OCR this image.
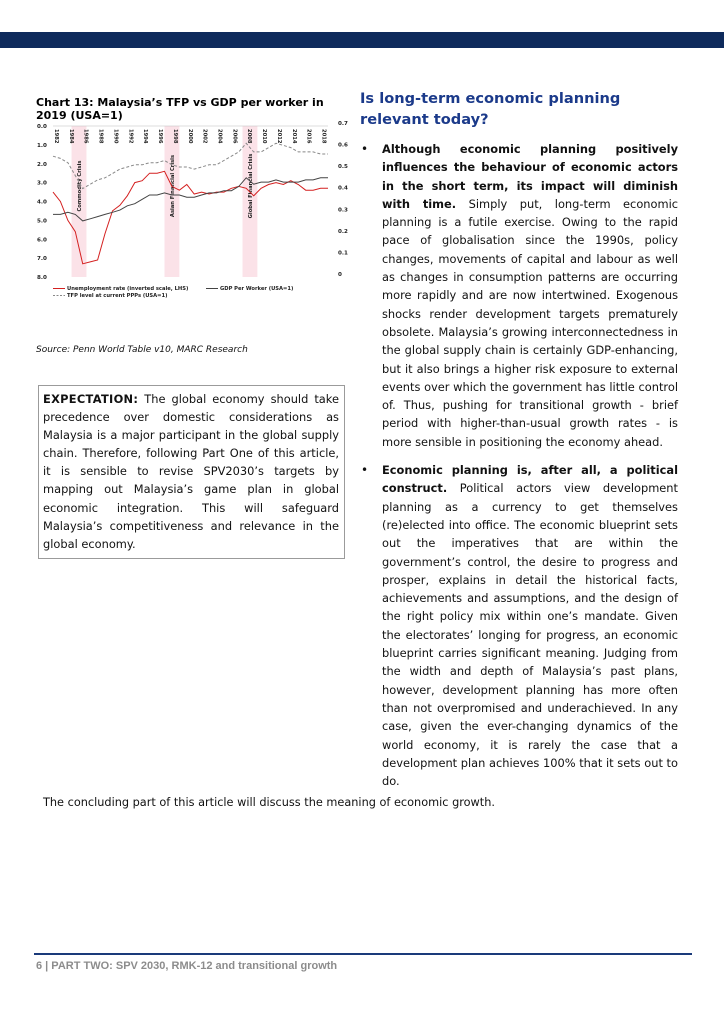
Chart 13: Malaysia’s TFP vs GDP per worker in 2019 (USA=1)
Commodity Crisis	Asian Financial Crisis	Global Financial Crisis
0.0
1.0
2.0
3.0
4.0
5.0
6.0
7.0
8.0
0.7
0.6
0.5
0.4
0.3
0.2
0.1
0
1982 1984 1986 1988 1990 1992 1994 1996 1998 2000 2002 2004 2006 2008 2010 2012 2014 2016 2018
Unemployment rate (inverted scale, LHS)	GDP Per Worker (USA=1)
TFP level at current PPPs (USA=1)
Source: Penn World Table v10, MARC Research
EXPECTATION: The global economy should take precedence over domestic considerations as Malaysia is a major participant in the global supply chain. Therefore, following Part One of this article, it is sensible to revise SPV2030’s targets by mapping out Malaysia’s game plan in global economic integration. This will safeguard Malaysia’s competitiveness and relevance in the global economy.
Is long-term economic planning relevant today?
• Although economic planning positively influences the behaviour of economic actors in the short term, its impact will diminish with time. Simply put, long-term economic planning is a futile exercise. Owing to the rapid pace of globalisation since the 1990s, policy changes, movements of capital and labour as well as changes in consumption patterns are occurring more rapidly and are now intertwined. Exogenous shocks render development targets prematurely obsolete. Malaysia’s growing interconnectedness in the global supply chain is certainly GDP-enhancing, but it also brings a higher risk exposure to external events over which the government has little control of. Thus, pushing for transitional growth - brief period with higher-than-usual growth rates - is more sensible in positioning the economy ahead.
• Economic planning is, after all, a political construct. Political actors view development planning as a currency to get themselves (re)elected into office. The economic blueprint sets out the imperatives that are within the government’s control, the desire to progress and prosper, explains in detail the historical facts, achievements and assumptions, and the design of the right policy mix within one’s mandate. Given the electorates’ longing for progress, an economic blueprint carries significant meaning. Judging from the width and depth of Malaysia’s past plans, however, development planning has more often than not overpromised and underachieved. In any case, given the ever-changing dynamics of the world economy, it is rarely the case that a development plan achieves 100% that it sets out to do.
The concluding part of this article will discuss the meaning of economic growth.
6 | PART TWO: SPV 2030, RMK-12 and transitional growth
